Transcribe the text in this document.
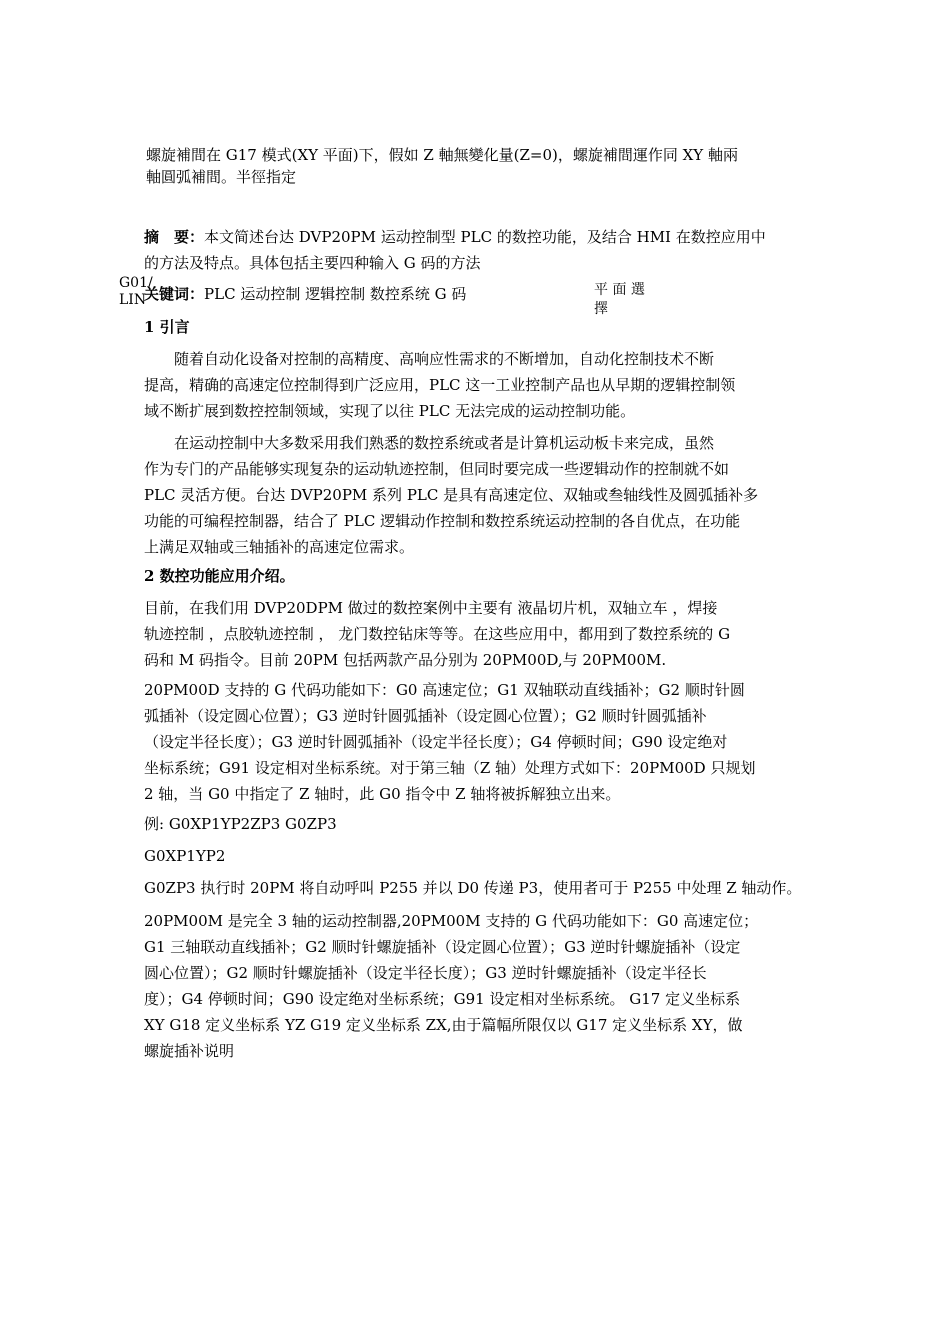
螺旋補間在 G17 模式(XY 平面)下，假如 Z 軸無變化量(Z=0)，螺旋補間運作同 XY 軸兩
軸圓弧補間。半徑指定
摘　要：本文简述台达 DVP20PM 运动控制型 PLC 的数控功能，及结合 HMI 在数控应用中
的方法及特点。具体包括主要四种输入 G 码的方法
G01/
LIN
平 面 選
擇
关键词：PLC 运动控制 逻辑控制 数控系统 G 码
1 引言
　　随着自动化设备对控制的高精度、高响应性需求的不断增加，自动化控制技术不断
提高，精确的高速定位控制得到广泛应用，PLC 这一工业控制产品也从早期的逻辑控制领
域不断扩展到数控控制领域，实现了以往 PLC 无法完成的运动控制功能。
　　在运动控制中大多数采用我们熟悉的数控系统或者是计算机运动板卡来完成，虽然
作为专门的产品能够实现复杂的运动轨迹控制，但同时要完成一些逻辑动作的控制就不如
PLC 灵活方便。台达 DVP20PM 系列 PLC 是具有高速定位、双轴或叁轴线性及圆弧插补多
功能的可编程控制器，结合了 PLC 逻辑动作控制和数控系统运动控制的各自优点，在功能
上满足双轴或三轴插补的高速定位需求。
2 数控功能应用介绍。
目前，在我们用 DVP20DPM 做过的数控案例中主要有 液晶切片机，双轴立车 ，焊接
轨迹控制 ，点胶轨迹控制 ， 龙门数控钻床等等。在这些应用中，都用到了数控系统的 G
码和 M 码指令。目前 20PM 包括两款产品分别为 20PM00D,与 20PM00M.
20PM00D 支持的 G 代码功能如下：G0 高速定位；G1 双轴联动直线插补；G2 顺时针圆
弧插补（设定圆心位置）；G3 逆时针圆弧插补（设定圆心位置）；G2 顺时针圆弧插补
（设定半径长度）；G3 逆时针圆弧插补（设定半径长度）；G4 停顿时间；G90 设定绝对
坐标系统；G91 设定相对坐标系统。对于第三轴（Z 轴）处理方式如下：20PM00D 只规划
2 轴，当 G0 中指定了 Z 轴时，此 G0 指令中 Z 轴将被拆解独立出来。
例: G0XP1YP2ZP3 G0ZP3
G0XP1YP2
G0ZP3 执行时 20PM 将自动呼叫 P255 并以 D0 传递 P3，使用者可于 P255 中处理 Z 轴动作。
20PM00M 是完全 3 轴的运动控制器,20PM00M 支持的 G 代码功能如下：G0 高速定位；
G1 三轴联动直线插补；G2 顺时针螺旋插补（设定圆心位置）；G3 逆时针螺旋插补（设定
圆心位置）；G2 顺时针螺旋插补（设定半径长度）；G3 逆时针螺旋插补（设定半径长
度）；G4 停顿时间；G90 设定绝对坐标系统；G91 设定相对坐标系统。 G17 定义坐标系
XY G18 定义坐标系 YZ G19 定义坐标系 ZX,由于篇幅所限仅以 G17 定义坐标系 XY，做
螺旋插补说明
